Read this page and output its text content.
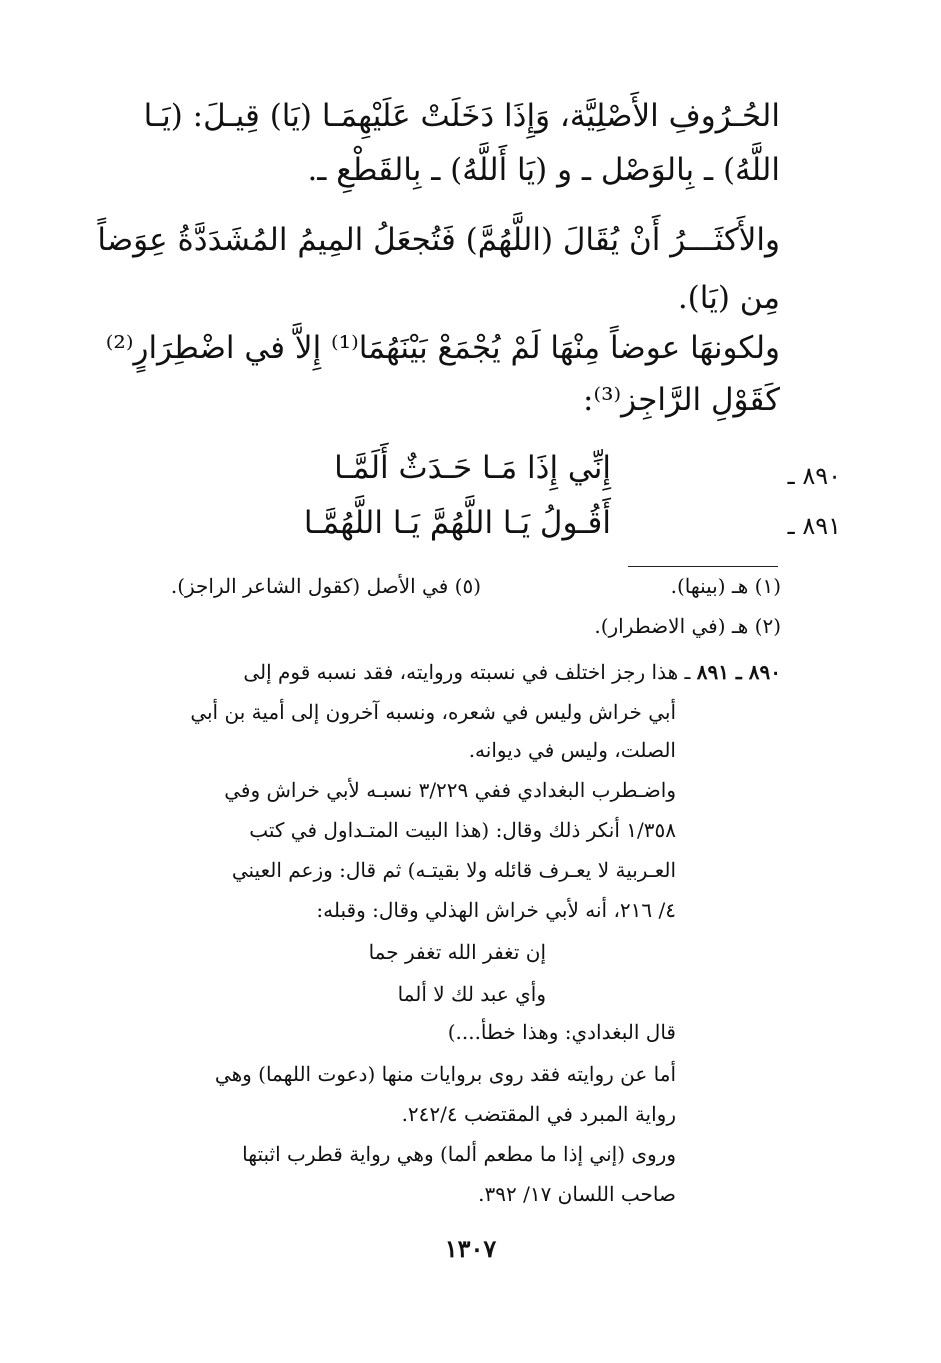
الحُـرُوفِ الأَصْلِيَّة، وَإِذَا دَخَلَتْ عَلَيْهِمَـا (يَا) قِيـلَ: (يَـا
اللَّهُ) ـ بِالوَصْل ـ و (يَا أَللَّهُ) ـ بِالقَطْعِ ـ.
والأَكثَـــرُ أَنْ يُقَالَ (اللَّهُمَّ) فَتُجعَلُ المِيمُ المُشَدَدَّةُ عِوَضاً
مِن (يَا).
ولكونهَا عوضاً مِنْهَا لَمْ يُجْمَعْ بَيْنَهُمَا⁽¹⁾ إِلاَّ في اضْطِرَارٍ⁽²⁾
كَقَوْلِ الرَّاجِز⁽³⁾:
إِنِّي إِذَا مَـا حَـدَثٌ أَلَمَّـا	٨٩٠ ـ
أَقُـولُ يَـا اللَّهُمَّ يَـا اللَّهُمَّـا	٨٩١ ـ
(١) هـ (بينها).
(٥) في الأصل (كقول الشاعر الراجز).
(٢) هـ (في الاضطرار).
٨٩٠ ـ ٨٩١ ـ هذا رجز اختلف في نسبته وروايته، فقد نسبه قوم إلى
أبي خراش وليس في شعره، ونسبه آخرون إلى أمية بن أبي
الصلت، وليس في ديوانه.
واضـطرب البغدادي ففي ٣/٢٢٩ نسبـه لأبي خراش وفي
١/٣٥٨ أنكر ذلك وقال: (هذا البيت المتـداول في كتب
العـربية لا يعـرف قائله ولا بقيتـه) ثم قال: وزعم العيني
٤/ ٢١٦، أنه لأبي خراش الهذلي وقال: وقبله:
إن تغفر الله تغفر جما
وأي عبد لك لا ألما
قال البغدادي: وهذا خطأ....)
أما عن روايته فقد روى بروايات منها (دعوت اللهما) وهي
رواية المبرد في المقتضب ٢٤٢/٤.
وروى (إني إذا ما مطعم ألما) وهي رواية قطرب اثبتها
صاحب اللسان ١٧/ ٣٩٢.
١٣٠٧
